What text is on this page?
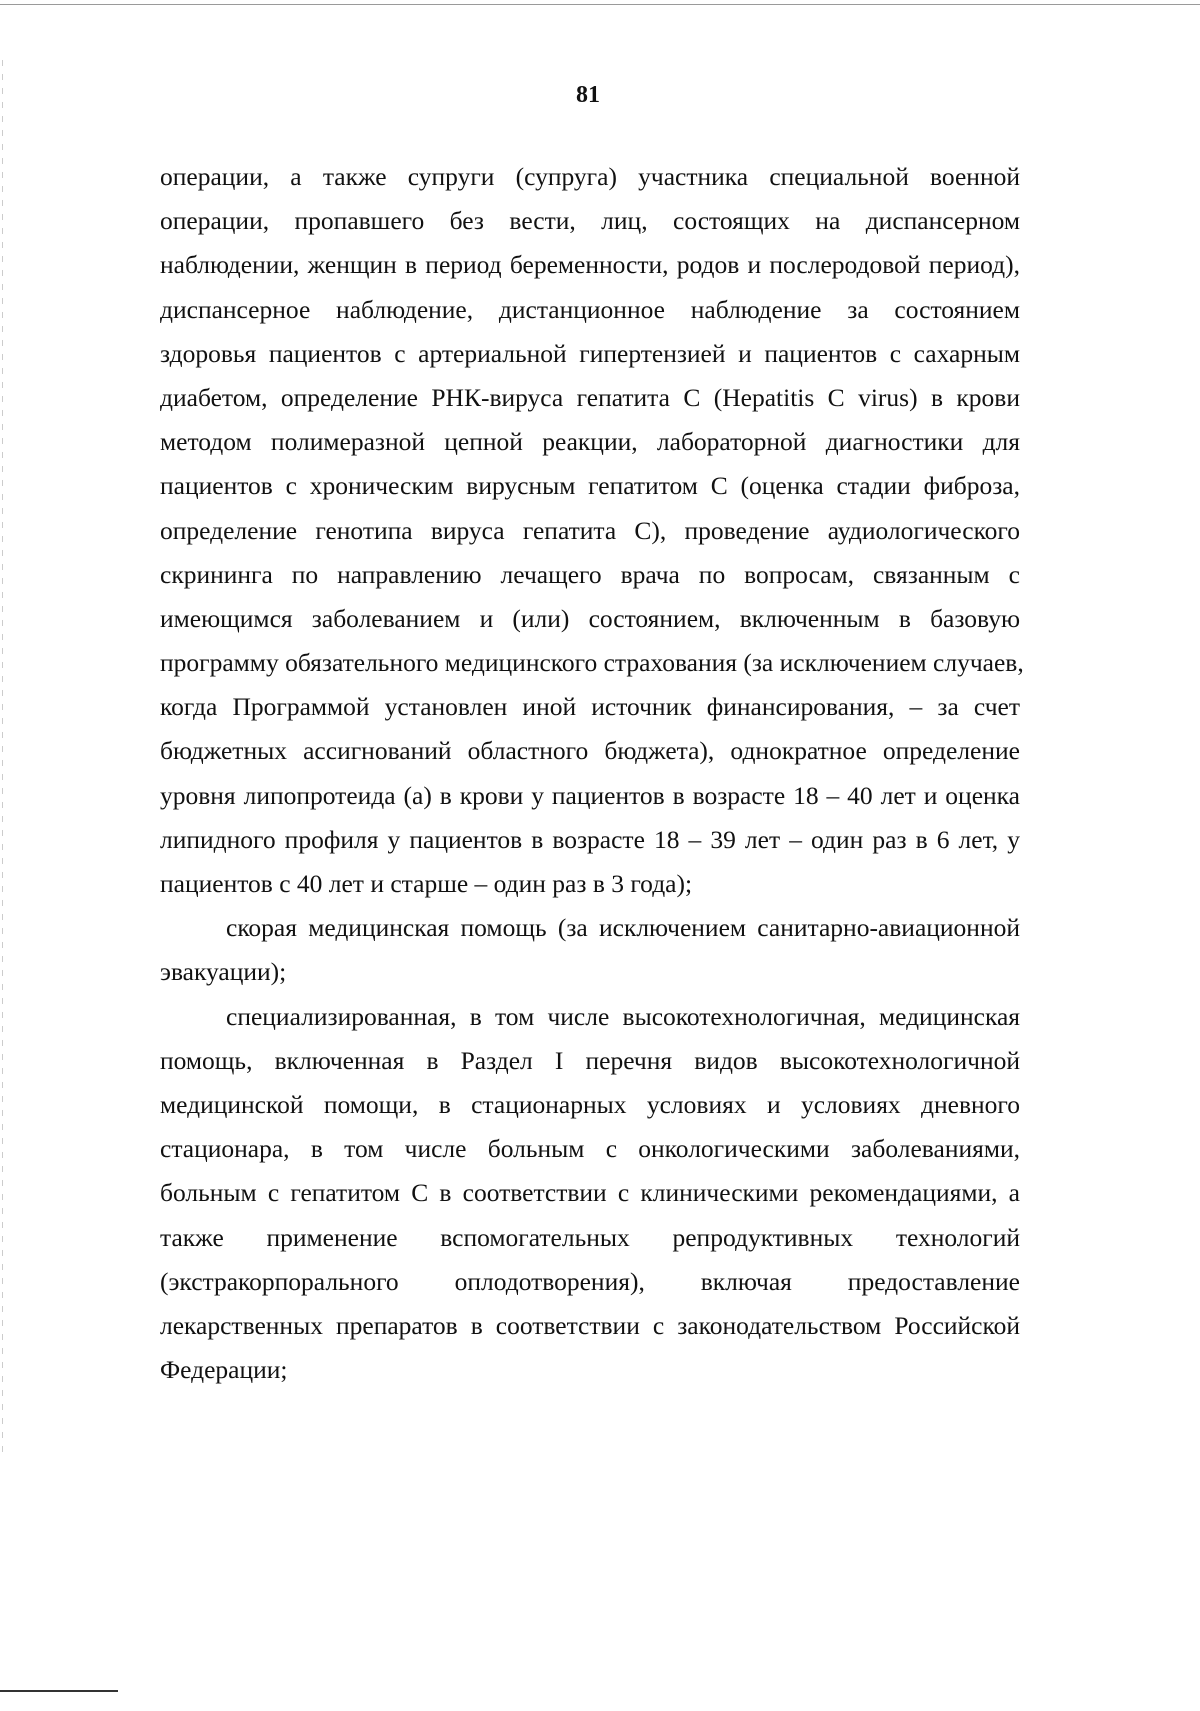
81
операции, а также супруги (супруга) участника специальной военной
операции, пропавшего без вести, лиц, состоящих на диспансерном
наблюдении, женщин в период беременности, родов и послеродовой период),
диспансерное наблюдение, дистанционное наблюдение за состоянием
здоровья пациентов с артериальной гипертензией и пациентов с сахарным
диабетом, определение РНК-вируса гепатита С (Hepatitis C virus) в крови
методом полимеразной цепной реакции, лабораторной диагностики для
пациентов с хроническим вирусным гепатитом С (оценка стадии фиброза,
определение генотипа вируса гепатита С), проведение аудиологического
скрининга по направлению лечащего врача по вопросам, связанным с
имеющимся заболеванием и (или) состоянием, включенным в базовую
программу обязательного медицинского страхования (за исключением случаев,
когда Программой установлен иной источник финансирования, – за счет
бюджетных ассигнований областного бюджета), однократное определение
уровня липопротеида (а) в крови у пациентов в возрасте 18 – 40 лет и оценка
липидного профиля у пациентов в возрасте 18 – 39 лет – один раз в 6 лет, у
пациентов с 40 лет и старше – один раз в 3 года);
скорая медицинская помощь (за исключением санитарно-авиационной
эвакуации);
специализированная, в том числе высокотехнологичная, медицинская
помощь, включенная в Раздел I перечня видов высокотехнологичной
медицинской помощи, в стационарных условиях и условиях дневного
стационара, в том числе больным с онкологическими заболеваниями,
больным с гепатитом С в соответствии с клиническими рекомендациями, а
также применение вспомогательных репродуктивных технологий
(экстракорпорального оплодотворения), включая предоставление
лекарственных препаратов в соответствии с законодательством Российской
Федерации;
